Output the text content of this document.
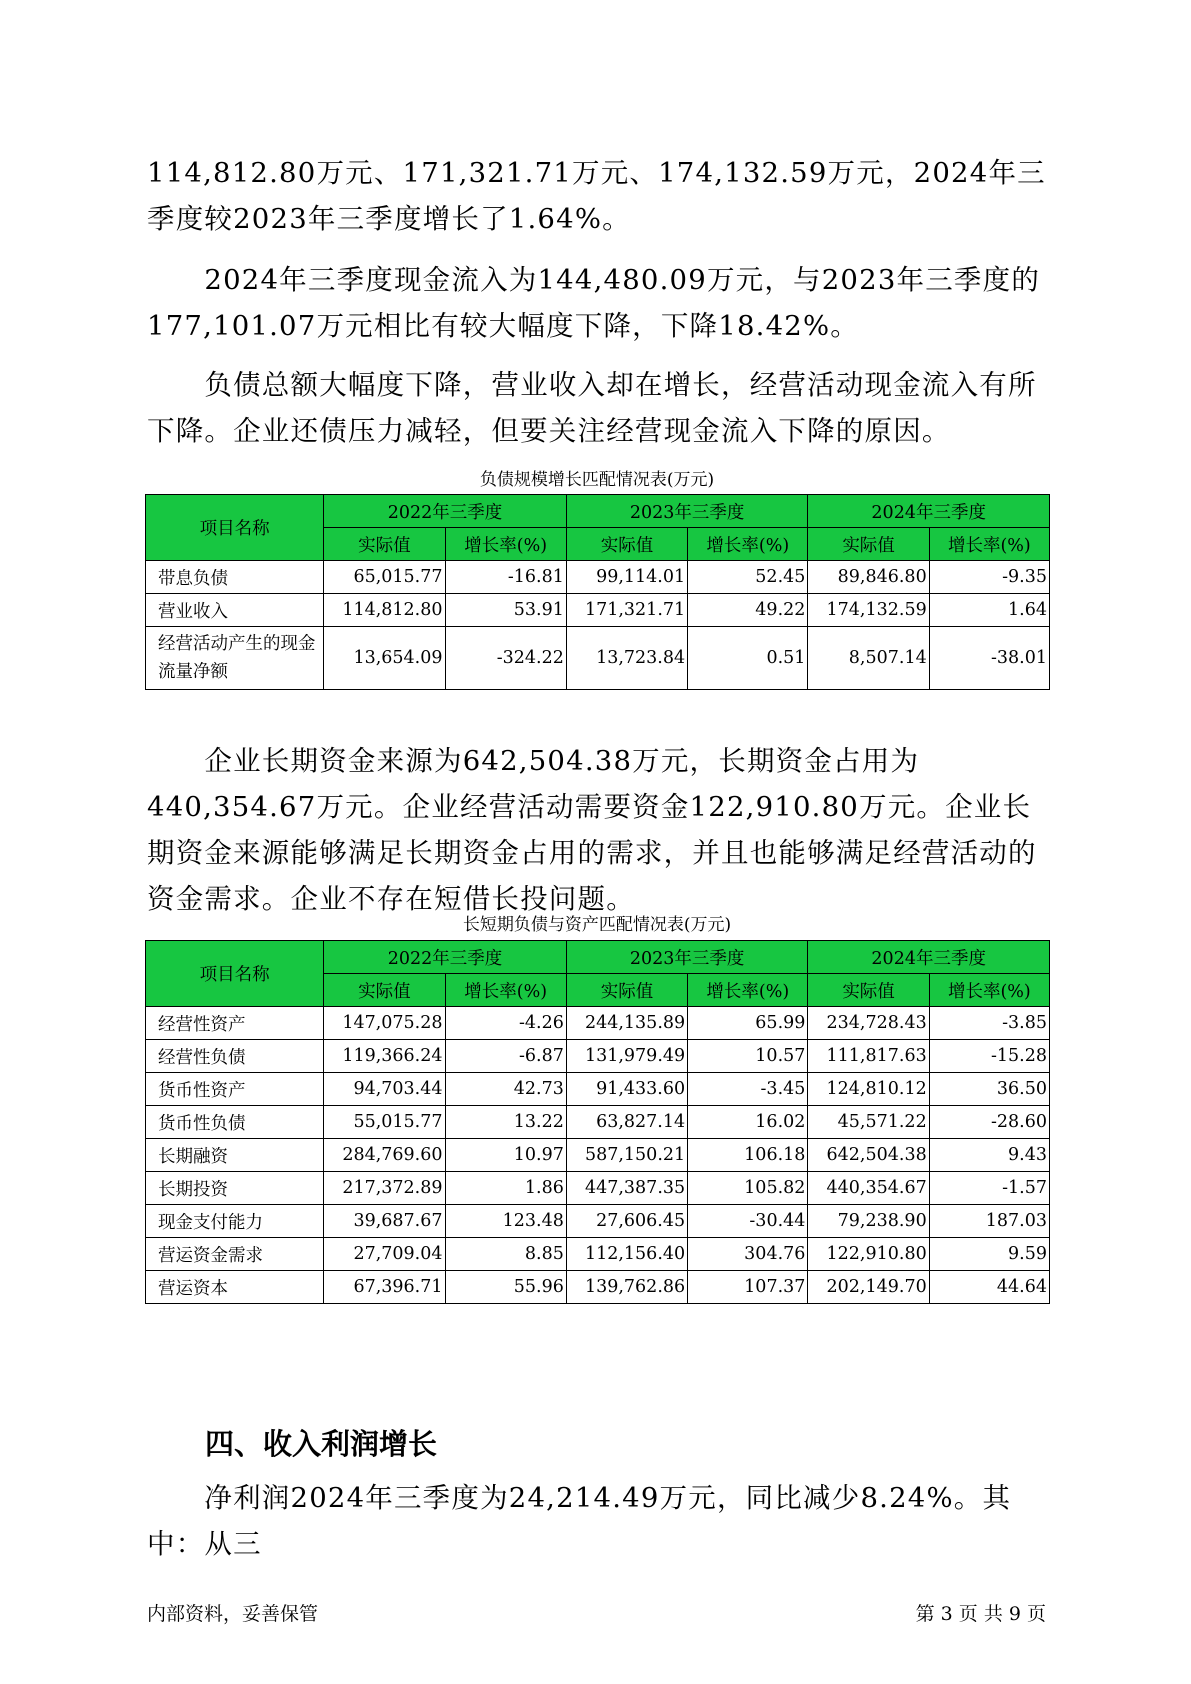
114,812.80万元、171,321.71万元、174,132.59万元，2024年三季度较2023年三季度增长了1.64%。

　　2024年三季度现金流入为144,480.09万元，与2023年三季度的177,101.07万元相比有较大幅度下降，下降18.42%。

　　负债总额大幅度下降，营业收入却在增长，经营活动现金流入有所下降。企业还债压力减轻，但要关注经营现金流入下降的原因。

负债规模增长匹配情况表(万元)
项目名称	2022年三季度		2023年三季度		2024年三季度	
	实际值	增长率(%)	实际值	增长率(%)	实际值	增长率(%)
带息负债	65,015.77	-16.81	99,114.01	52.45	89,846.80	-9.35
营业收入	114,812.80	53.91	171,321.71	49.22	174,132.59	1.64
经营活动产生的现金流量净额	13,654.09	-324.22	13,723.84	0.51	8,507.14	-38.01

　　企业长期资金来源为642,504.38万元，长期资金占用为440,354.67万元。企业经营活动需要资金122,910.80万元。企业长期资金来源能够满足长期资金占用的需求，并且也能够满足经营活动的资金需求。企业不存在短借长投问题。

长短期负债与资产匹配情况表(万元)
项目名称	2022年三季度		2023年三季度		2024年三季度	
	实际值	增长率(%)	实际值	增长率(%)	实际值	增长率(%)
经营性资产	147,075.28	-4.26	244,135.89	65.99	234,728.43	-3.85
经营性负债	119,366.24	-6.87	131,979.49	10.57	111,817.63	-15.28
货币性资产	94,703.44	42.73	91,433.60	-3.45	124,810.12	36.50
货币性负债	55,015.77	13.22	63,827.14	16.02	45,571.22	-28.60
长期融资	284,769.60	10.97	587,150.21	106.18	642,504.38	9.43
长期投资	217,372.89	1.86	447,387.35	105.82	440,354.67	-1.57
现金支付能力	39,687.67	123.48	27,606.45	-30.44	79,238.90	187.03
营运资金需求	27,709.04	8.85	112,156.40	304.76	122,910.80	9.59
营运资本	67,396.71	55.96	139,762.86	107.37	202,149.70	44.64
四、收入利润增长

　　净利润2024年三季度为24,214.49万元，同比减少8.24%。其中：从三

内部资料，妥善保管	第 3 页 共 9 页
